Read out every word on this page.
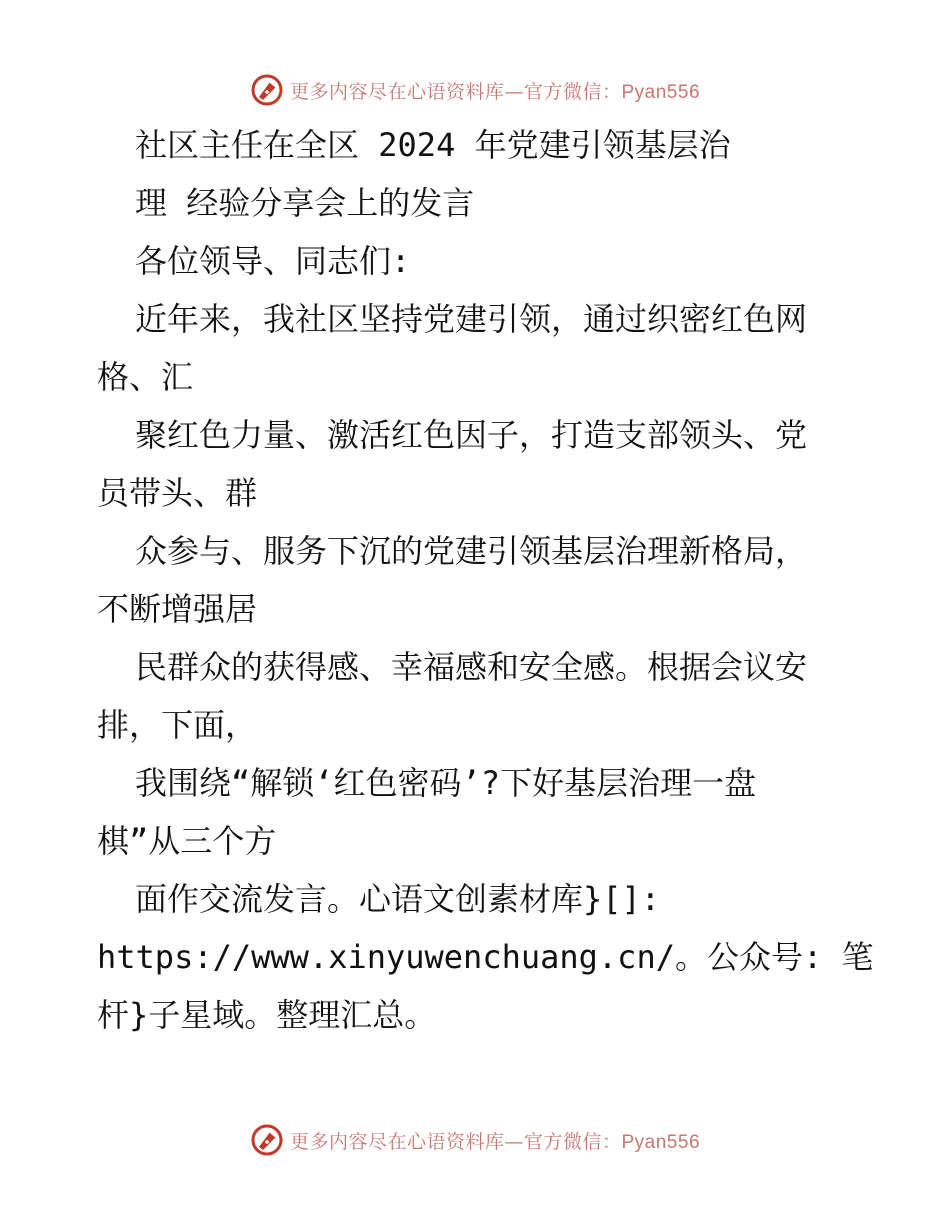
更多内容尽在心语资料库—官方微信：Pyan556
社区主任在全区 2024 年党建引领基层治
理 经验分享会上的发言
各位领导、同志们:
近年来，我社区坚持党建引领，通过织密红色网
格、汇
聚红色力量、激活红色因子，打造支部领头、党
员带头、群
众参与、服务下沉的党建引领基层治理新格局，
不断增强居
民群众的获得感、幸福感和安全感。根据会议安
排，下面，
我围绕“解锁‘红色密码’?下好基层治理一盘
棋”从三个方
面作交流发言。心语文创素材库}[]:
https://www.xinyuwenchuang.cn/。公众号: 笔
杆}子星域。整理汇总。
更多内容尽在心语资料库—官方微信：Pyan556
